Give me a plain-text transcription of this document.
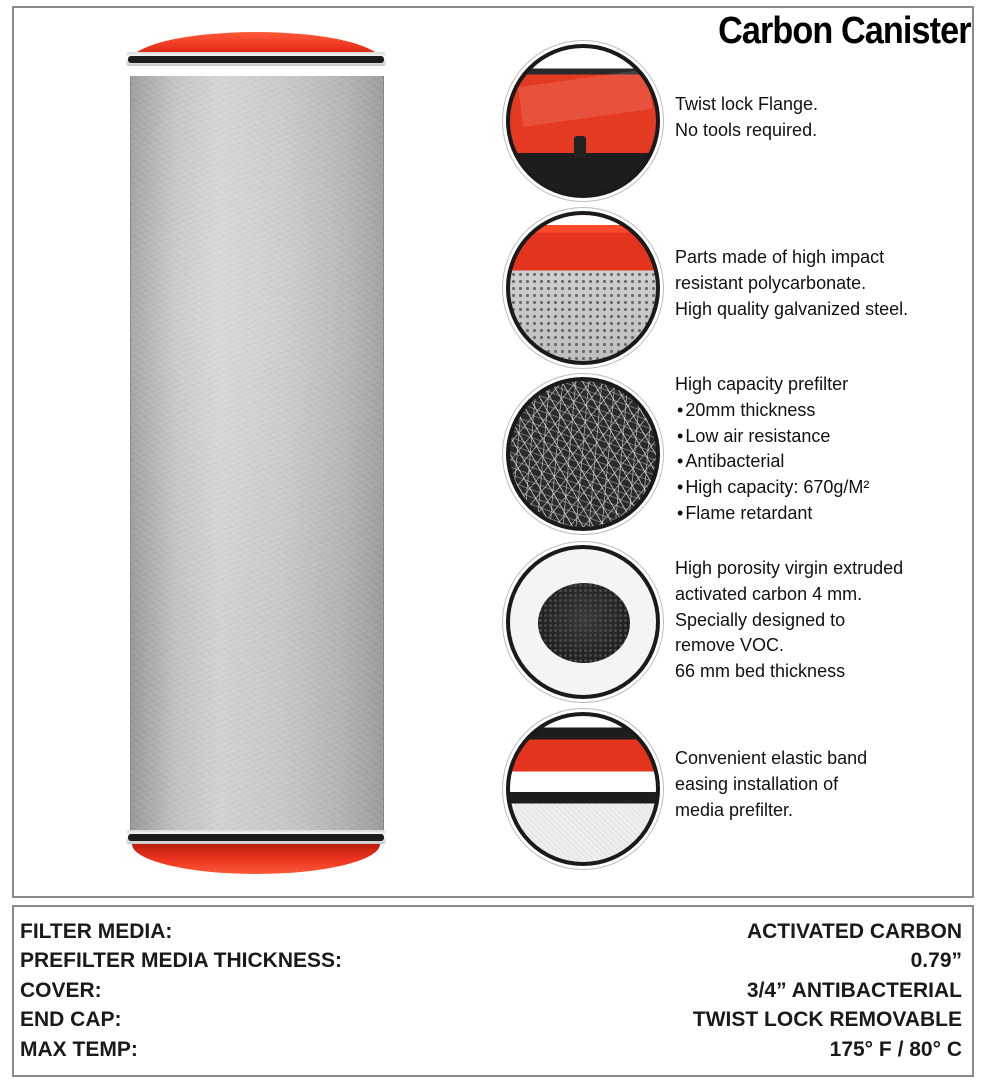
Carbon Canister
Twist lock Flange.
No tools required.
Parts made of high impact
resistant polycarbonate.
High quality galvanized steel.
High capacity prefilter
• 20mm thickness
• Low air resistance
• Antibacterial
• High capacity: 670g/M²
• Flame retardant
High porosity virgin extruded
activated carbon 4 mm.
Specially designed to
remove VOC.
66 mm bed thickness
Convenient elastic band
easing installation of
media prefilter.
FILTER MEDIA:	ACTIVATED CARBON
PREFILTER MEDIA THICKNESS:	0.79”
COVER:	3/4” ANTIBACTERIAL
END CAP:	TWIST LOCK REMOVABLE
MAX TEMP:	175° F / 80° C
